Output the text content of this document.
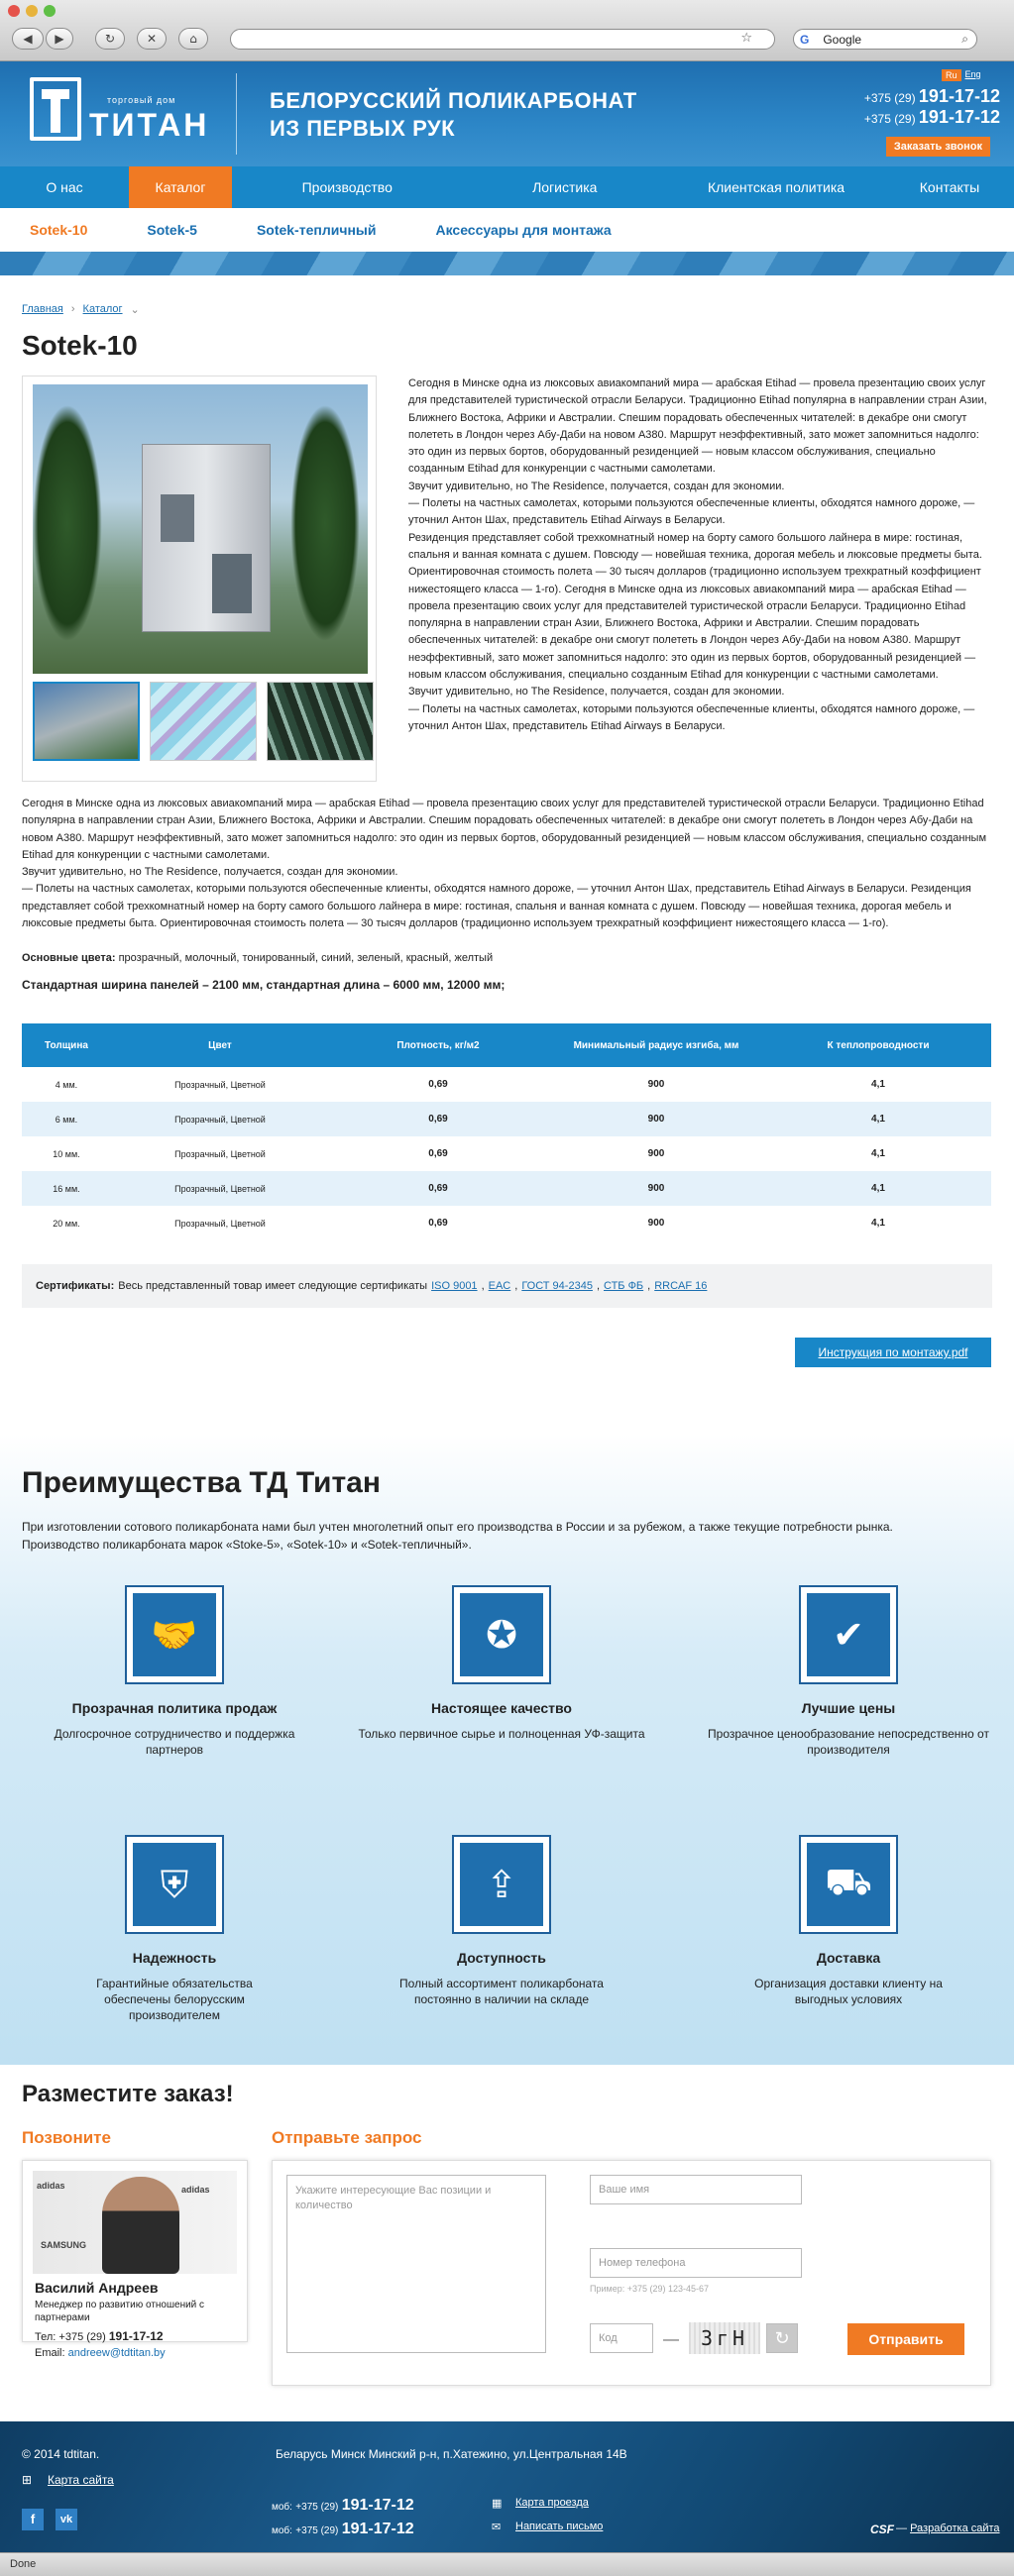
◀	▶	↻	✕	⌂	☆	G Google	⌕
торговый дом
ТИТАН
БЕЛОРУССКИЙ ПОЛИКАРБОНАТ
ИЗ ПЕРВЫХ РУК
Ru Eng
+375 (29) 191-17-12
+375 (29) 191-17-12
Заказать звонок
О нас	Каталог	Производство	Логистика	Клиентская политика	Контакты
Sotek-10	Sotek-5	Sotek-тепличный	Аксессуары для монтажа
Главная › Каталог ⌄
Sotek-10

Сегодня в Минске одна из люксовых авиакомпаний мира — арабская Etihad — провела презентацию своих услуг для представителей туристической отрасли Беларуси. Традиционно Etihad популярна в направлении стран Азии, Ближнего Востока, Африки и Австралии. Спешим порадовать обеспеченных читателей: в декабре они смогут полететь в Лондон через Абу-Даби на новом А380. Маршрут неэффективный, зато может запомниться надолго: это один из первых бортов, оборудованный резиденцией — новым классом обслуживания, специально созданным Etihad для конкуренции с частными самолетами.

Звучит удивительно, но The Residence, получается, создан для экономии.

— Полеты на частных самолетах, которыми пользуются обеспеченные клиенты, обходятся намного дороже, — уточнил Антон Шах, представитель Etihad Airways в Беларуси.

Резиденция представляет собой трехкомнатный номер на борту самого большого лайнера в мире: гостиная, спальня и ванная комната с душем. Повсюду — новейшая техника, дорогая мебель и люксовые предметы быта. Ориентировочная стоимость полета — 30 тысяч долларов (традиционно используем трехкратный коэффициент нижестоящего класса — 1-го). Сегодня в Минске одна из люксовых авиакомпаний мира — арабская Etihad — провела презентацию своих услуг для представителей туристической отрасли Беларуси. Традиционно Etihad популярна в направлении стран Азии, Ближнего Востока, Африки и Австралии. Спешим порадовать обеспеченных читателей: в декабре они смогут полететь в Лондон через Абу-Даби на новом А380. Маршрут неэффективный, зато может запомниться надолго: это один из первых бортов, оборудованный резиденцией — новым классом обслуживания, специально созданным Etihad для конкуренции с частными самолетами.

Звучит удивительно, но The Residence, получается, создан для экономии.

— Полеты на частных самолетах, которыми пользуются обеспеченные клиенты, обходятся намного дороже, — уточнил Антон Шах, представитель Etihad Airways в Беларуси.

Сегодня в Минске одна из люксовых авиакомпаний мира — арабская Etihad — провела презентацию своих услуг для представителей туристической отрасли Беларуси. Традиционно Etihad популярна в направлении стран Азии, Ближнего Востока, Африки и Австралии. Спешим порадовать обеспеченных читателей: в декабре они смогут полететь в Лондон через Абу-Даби на новом А380. Маршрут неэффективный, зато может запомниться надолго: это один из первых бортов, оборудованный резиденцией — новым классом обслуживания, специально созданным Etihad для конкуренции с частными самолетами.

Звучит удивительно, но The Residence, получается, создан для экономии.

— Полеты на частных самолетах, которыми пользуются обеспеченные клиенты, обходятся намного дороже, — уточнил Антон Шах, представитель Etihad Airways в Беларуси. Резиденция представляет собой трехкомнатный номер на борту самого большого лайнера в мире: гостиная, спальня и ванная комната с душем. Повсюду — новейшая техника, дорогая мебель и люксовые предметы быта. Ориентировочная стоимость полета — 30 тысяч долларов (традиционно используем трехкратный коэффициент нижестоящего класса — 1-го).

Основные цвета: прозрачный, молочный, тонированный, синий, зеленый, красный, желтый
Стандартная ширина панелей – 2100 мм, стандартная длина – 6000 мм, 12000 мм;
Толщина	Цвет	Плотность, кг/м2	Минимальный радиус изгиба, мм	К теплопроводности
4 мм.	Прозрачный, Цветной	0,69	900	4,1
6 мм.	Прозрачный, Цветной	0,69	900	4,1
10 мм.	Прозрачный, Цветной	0,69	900	4,1
16 мм.	Прозрачный, Цветной	0,69	900	4,1
20 мм.	Прозрачный, Цветной	0,69	900	4,1
Сертификаты: Весь представленный товар имеет следующие сертификаты ISO 9001 , EAC , ГОСТ 94-2345 , СТБ ФБ , RRCAF 16
Инструкция по монтажу.pdf
Преимущества ТД Титан

При изготовлении сотового поликарбоната нами был учтен многолетний опыт его производства в России и за рубежом, а также текущие потребности рынка. Производство поликарбоната марок «Stoke-5», «Sotek-10» и «Sotek-тепличный».

🤝
Прозрачная политика продаж
Долгосрочное сотрудничество и поддержка партнеров
✪
Настоящее качество
Только первичное сырье и полноценная УФ-защита
✔
Лучшие цены
Прозрачное ценообразование непосредственно от производителя
⛨
Надежность
Гарантийные обязательства обеспечены белорусским производителем
⇪
Доступность
Полный ассортимент поликарбоната постоянно в наличии на складе
⛟
Доставка
Организация доставки клиенту на выгодных условиях
Разместите заказ!
Позвоните	Отправьте запрос
adidas	adidas
SAMSUNG
Василий Андреев
Менеджер по развитию отношений с партнерами
Тел: +375 (29) 191-17-12
Email: andreew@tdtitan.by
Укажите интересующие Вас позиции и количество
Ваше имя
Номер телефона
Пример: +375 (29) 123-45-67
Код	—	3гН	↻	Отправить
© 2014 tdtitan.
⊞ Карта сайта
f	vk
Беларусь Минск Минский р-н, п.Хатежино, ул.Центральная 14В
моб: +375 (29) 191-17-12
моб: +375 (29) 191-17-12
▦ Карта проезда
✉ Написать письмо	CSF — Разработка сайта
Done
